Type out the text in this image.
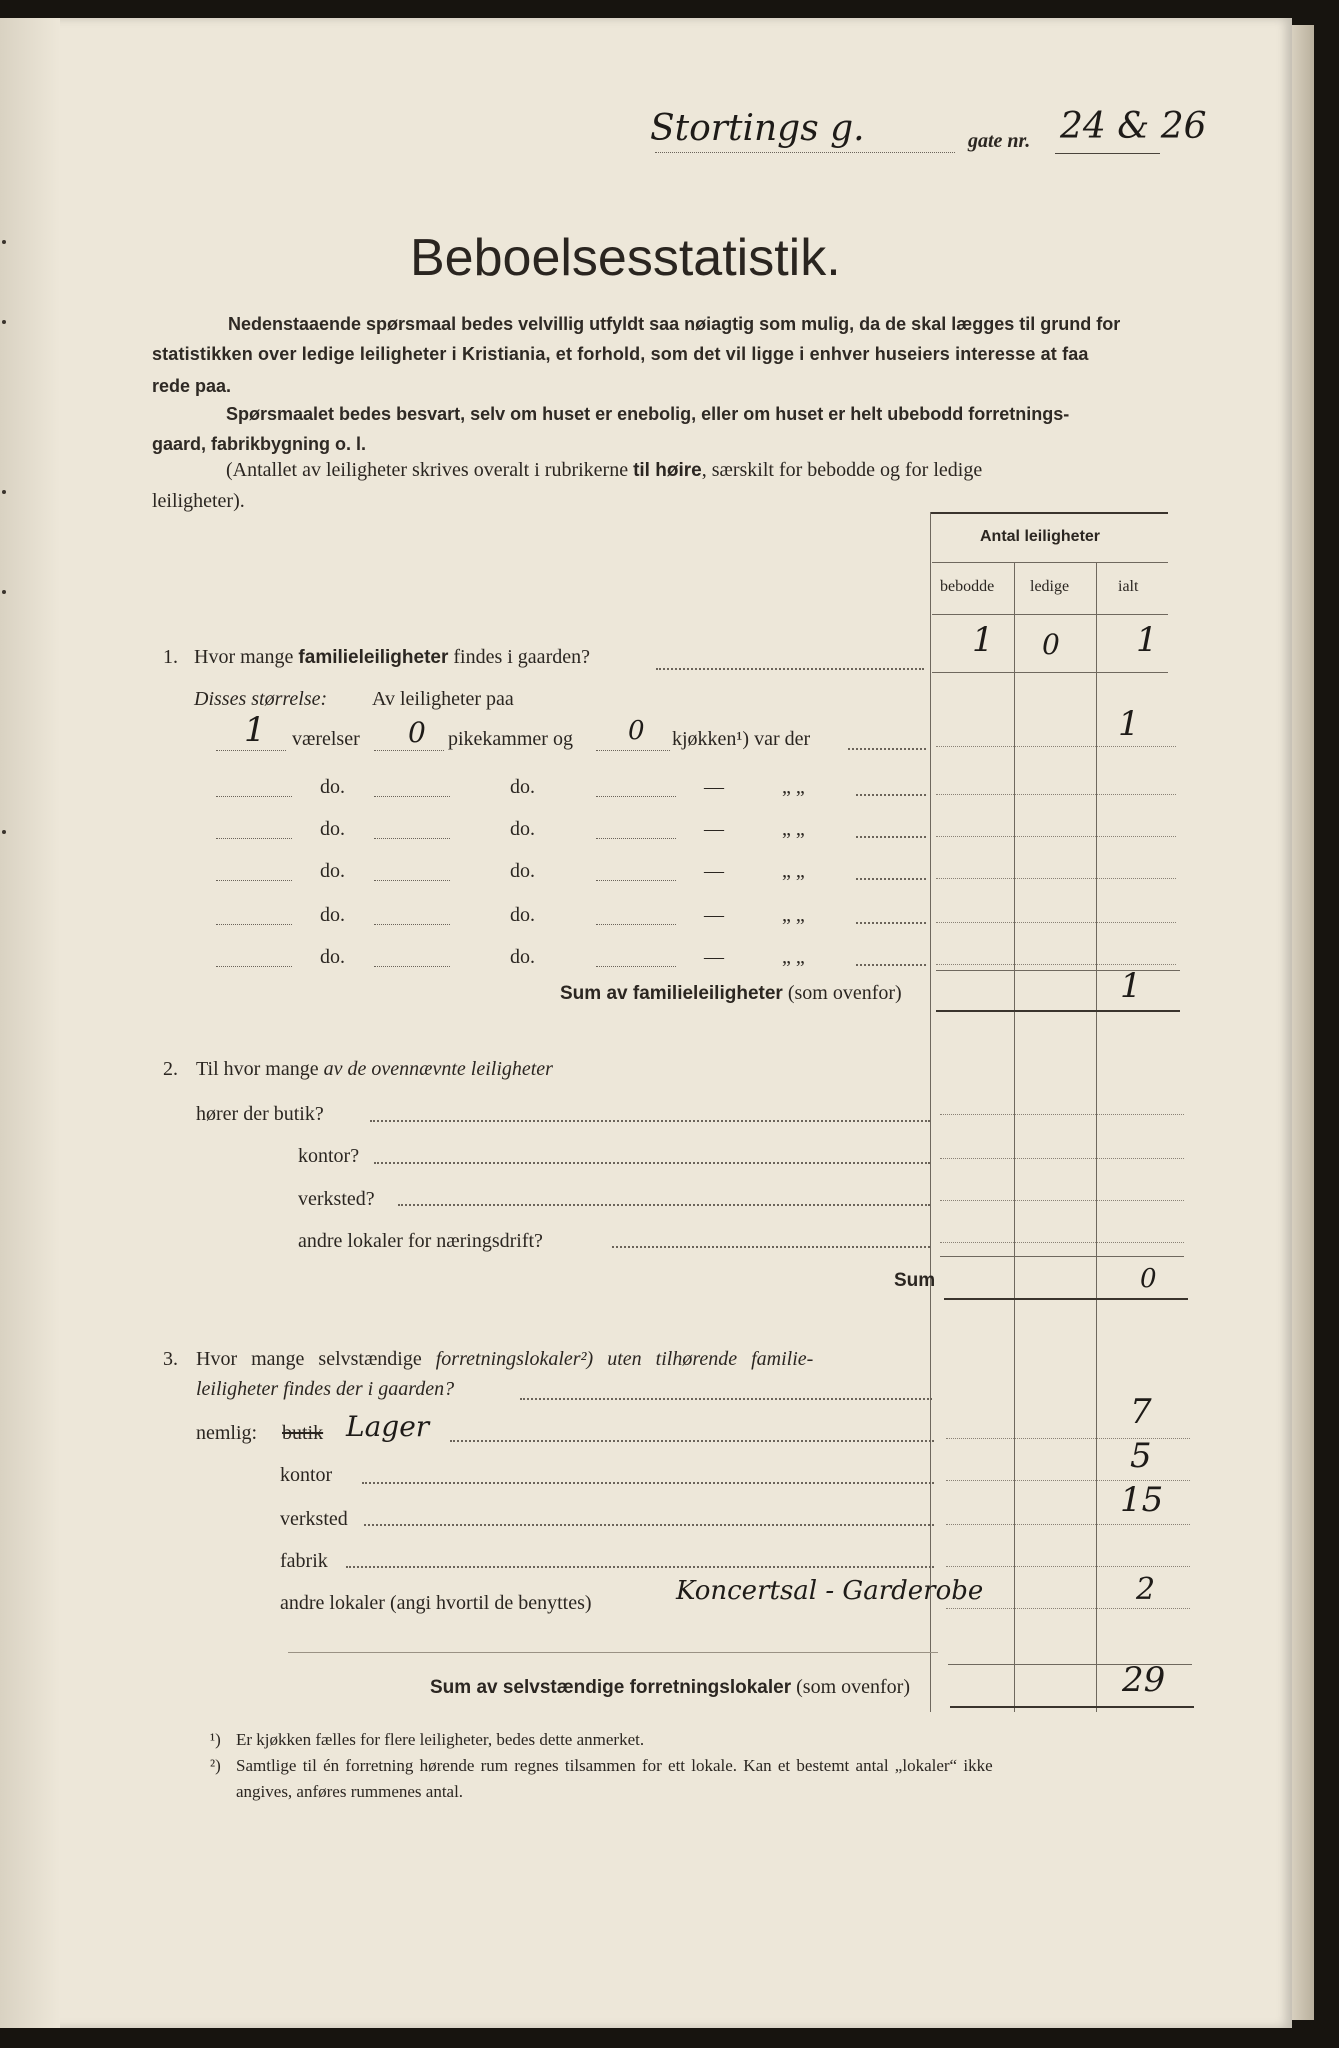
Stortings g.	gate nr. 24 & 26
Beboelsesstatistik.
Nedenstaaende spørsmaal bedes velvillig utfyldt saa nøiagtig som mulig, da de skal lægges til grund for
statistikken over ledige leiligheter i Kristiania, et forhold, som det vil ligge i enhver huseiers interesse at faa
rede paa.
Spørsmaalet bedes besvart, selv om huset er enebolig, eller om huset er helt ubebodd forretnings-
gaard, fabrikbygning o. l.
(Antallet av leiligheter skrives overalt i rubrikerne til høire, særskilt for bebodde og for ledige
leiligheter).
Antal leiligheter
bebodde ledige	ialt
1. Hvor mange familieleiligheter findes i gaarden?	1 0 1
Disses størrelse: Av leiligheter paa
1 værelser 0 pikekammer og 0 kjøkken¹) var der	1
do.	do.	—	„ „
do.	do.	—	„ „
do.	do.	—	„ „
do.	do.	—	„ „
do.	do.	—	„ „
Sum av familieleiligheter (som ovenfor)	1
2. Til hvor mange av de ovennævnte leiligheter
hører der butik?
kontor?
verksted?
andre lokaler for næringsdrift?
Sum	0
3. Hvor mange selvstændige forretningslokaler²) uten tilhørende familie-
leiligheter findes der i gaarden?
nemlig: butik Lager	7
kontor	5
verksted	15
fabrik
andre lokaler (angi hvortil de benyttes)	Koncertsal - Garderobe	2
Sum av selvstændige forretningslokaler (som ovenfor)	29
¹) Er kjøkken fælles for flere leiligheter, bedes dette anmerket.
²) Samtlige til én forretning hørende rum regnes tilsammen for ett lokale. Kan et bestemt antal „lokaler“ ikke
angives, anføres rummenes antal.
